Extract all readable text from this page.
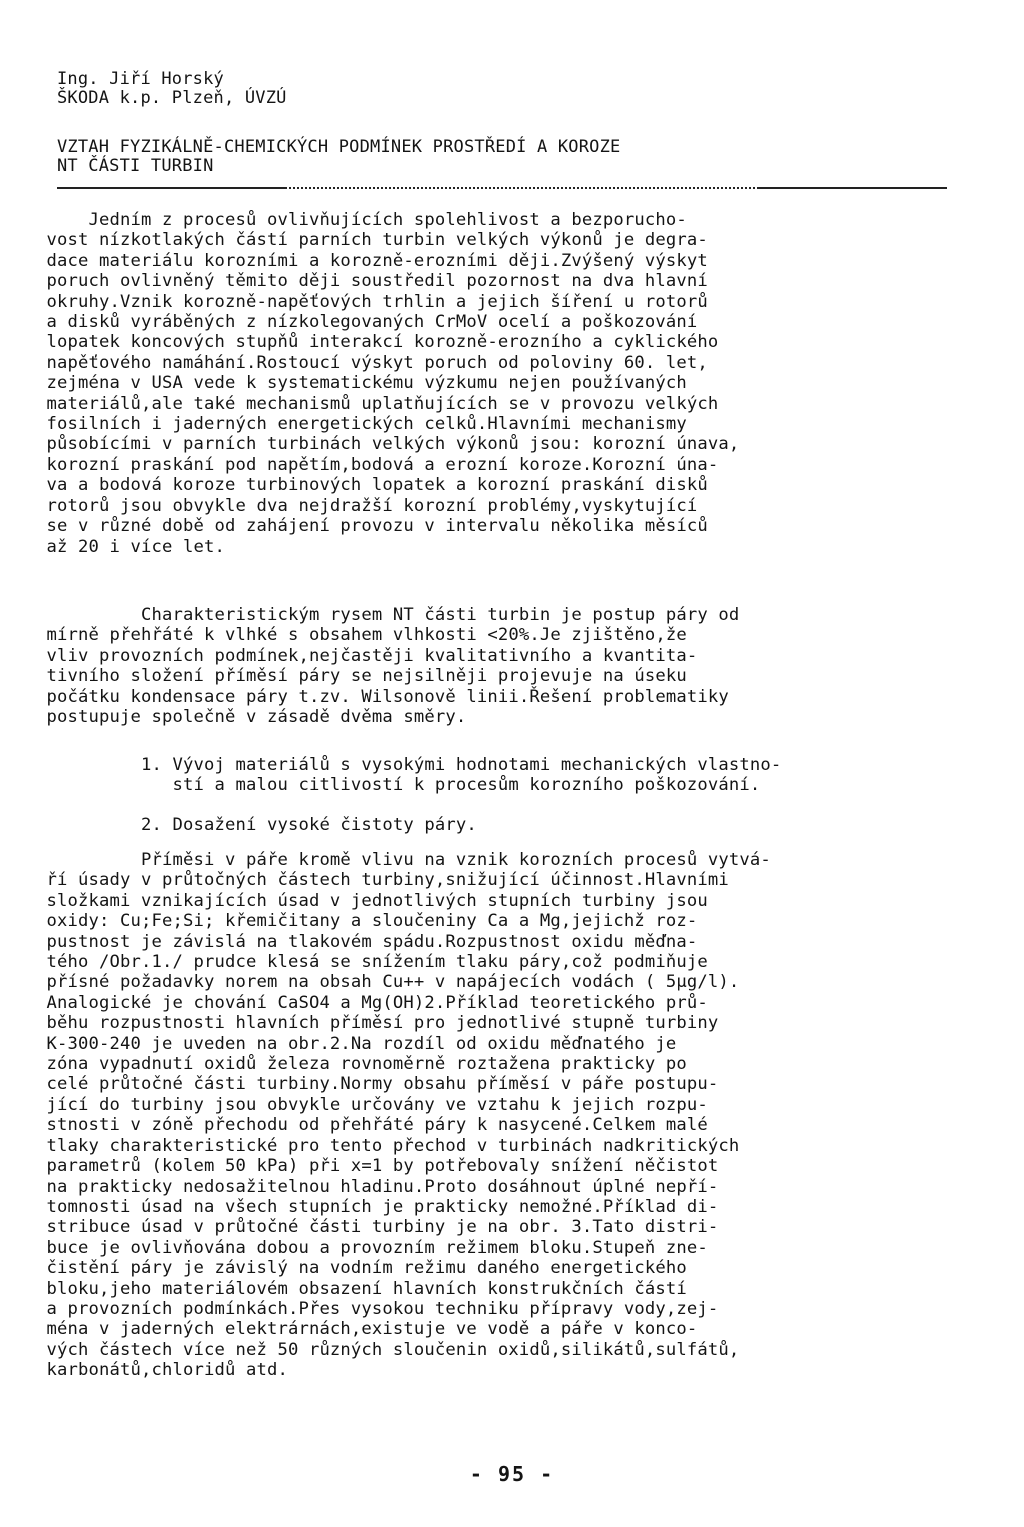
Ing. Jiří Horský
ŠKODA k.p. Plzeň, ÚVZÚ
VZTAH FYZIKÁLNĚ-CHEMICKÝCH PODMÍNEK PROSTŘEDÍ A KOROZE
NT ČÁSTI TURBIN
Jedním z procesů ovlivňujících spolehlivost a bezporucho-
vost nízkotlakých částí parních turbin velkých výkonů je degra-
dace materiálu korozními a korozně-erozními ději.Zvýšený výskyt
poruch ovlivněný těmito ději soustředil pozornost na dva hlavní
okruhy.Vznik korozně-napěťových trhlin a jejich šíření u rotorů
a disků vyráběných z nízkolegovaných CrMoV ocelí a poškozování
lopatek koncových stupňů interakcí korozně-erozního a cyklického
napěťového namáhání.Rostoucí výskyt poruch od poloviny 60. let,
zejména v USA vede k systematickému výzkumu nejen používaných
materiálů,ale také mechanismů uplatňujících se v provozu velkých
fosilních i jaderných energetických celků.Hlavními mechanismy
působícími v parních turbinách velkých výkonů jsou: korozní únava,
korozní praskání pod napětím,bodová a erozní koroze.Korozní úna-
va a bodová koroze turbinových lopatek a korozní praskání disků
rotorů jsou obvykle dva nejdražší korozní problémy,vyskytující
se v různé době od zahájení provozu v intervalu několika měsíců
až 20 i více let.
Charakteristickým rysem NT části turbin je postup páry od
mírně přehřáté k vlhké s obsahem vlhkosti <20%.Je zjištěno,že
vliv provozních podmínek,nejčastěji kvalitativního a kvantita-
tivního složení příměsí páry se nejsilněji projevuje na úseku
počátku kondensace páry t.zv. Wilsonově linii.Řešení problematiky
postupuje společně v zásadě dvěma směry.
1. Vývoj materiálů s vysokými hodnotami mechanických vlastno-
stí a malou citlivostí k procesům korozního poškozování.
2. Dosažení vysoké čistoty páry.
Příměsi v páře kromě vlivu na vznik korozních procesů vytvá-
ří úsady v průtočných částech turbiny,snižující účinnost.Hlavními
složkami vznikajících úsad v jednotlivých stupních turbiny jsou
oxidy: Cu;Fe;Si; křemičitany a sloučeniny Ca a Mg,jejichž roz-
pustnost je závislá na tlakovém spádu.Rozpustnost oxidu měďna-
tého /Obr.1./ prudce klesá se snížením tlaku páry,což podmiňuje
přísné požadavky norem na obsah Cu++ v napájecích vodách ( 5µg/l).
Analogické je chování CaSO4 a Mg(OH)2.Příklad teoretického prů-
běhu rozpustnosti hlavních příměsí pro jednotlivé stupně turbiny
K-300-240 je uveden na obr.2.Na rozdíl od oxidu měďnatého je
zóna vypadnutí oxidů železa rovnoměrně roztažena prakticky po
celé průtočné části turbiny.Normy obsahu příměsí v páře postupu-
jící do turbiny jsou obvykle určovány ve vztahu k jejich rozpu-
stnosti v zóně přechodu od přehřáté páry k nasycené.Celkem malé
tlaky charakteristické pro tento přechod v turbinách nadkritických
parametrů (kolem 50 kPa) při x=1 by potřebovaly snížení něčistot
na prakticky nedosažitelnou hladinu.Proto dosáhnout úplné nepří-
tomnosti úsad na všech stupních je prakticky nemožné.Příklad di-
stribuce úsad v průtočné části turbiny je na obr. 3.Tato distri-
buce je ovlivňována dobou a provozním režimem bloku.Stupeň zne-
čistění páry je závislý na vodním režimu daného energetického
bloku,jeho materiálovém obsazení hlavních konstrukčních částí
a provozních podmínkách.Přes vysokou techniku přípravy vody,zej-
ména v jaderných elektrárnách,existuje ve vodě a páře v konco-
vých částech více než 50 různých sloučenin oxidů,silikátů,sulfátů,
karbonátů,chloridů atd.
- 95 -
